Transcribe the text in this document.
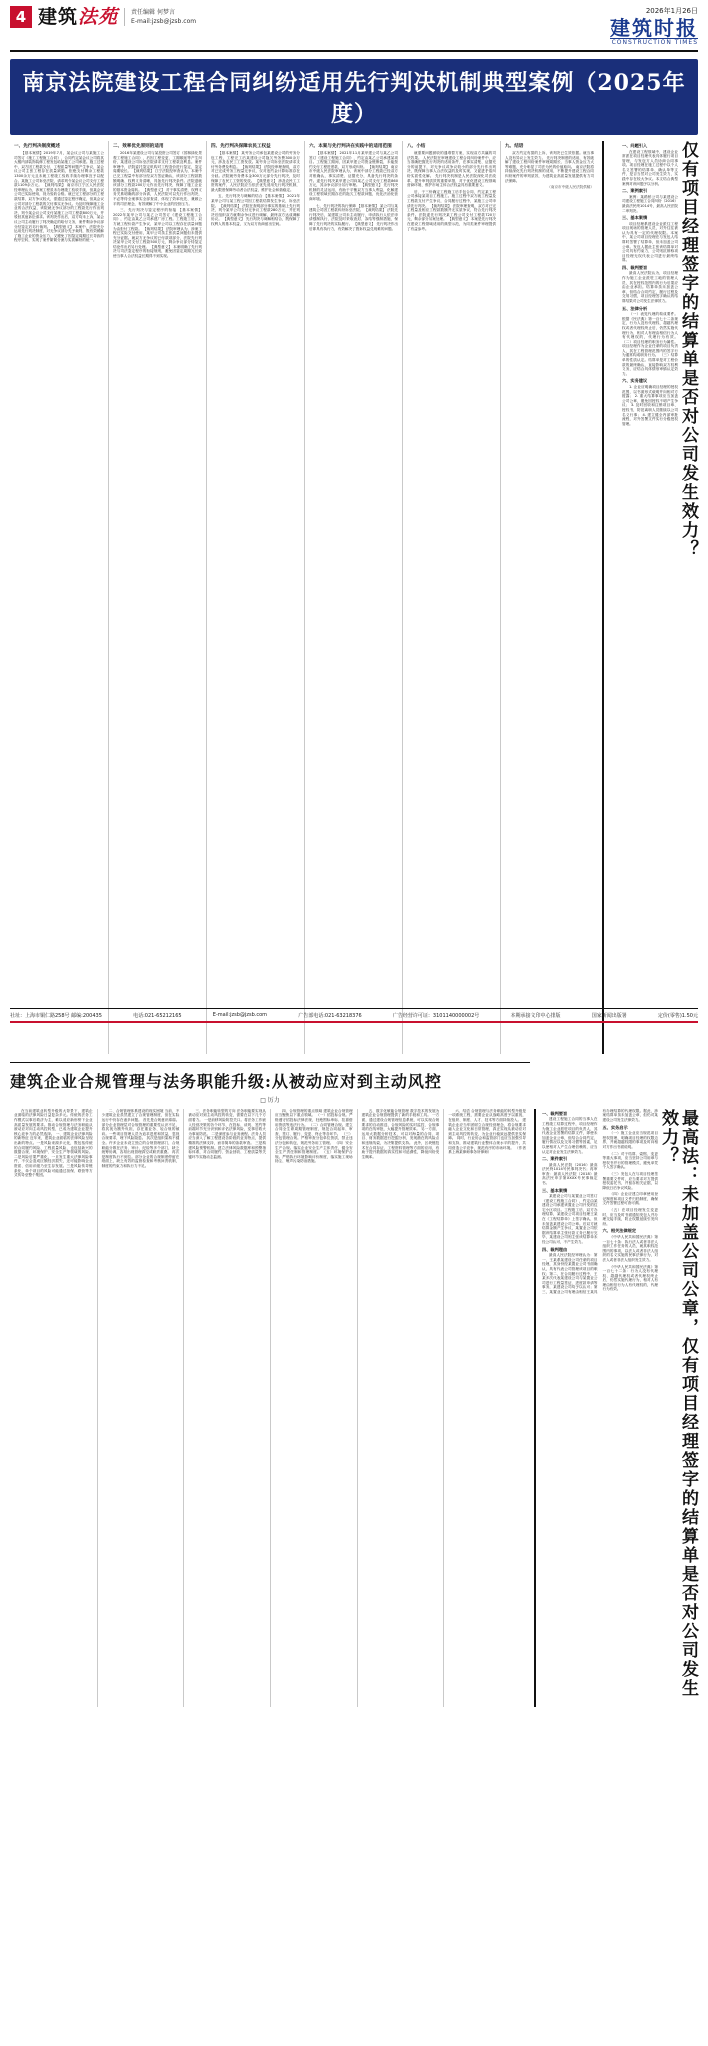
4 建筑法苑 责任编辑 何梦言
E-mail:jzsb@jzsb.com
2026年1月26日
建筑时报
CONSTRUCTION TIMES
南京法院建设工程合同纠纷适用先行判决机制典型案例（2025年度）
一、先行判决制度概述

【基本案情】2019年7月，某会议公司与某施工公司签订《施工工程施工合同》，合同约定某会议公司将其大楼内部装饰装修工程发包给某施工公司承建。施工过程中，双方因工程款支付、工程质量等问题产生争议，某会议公司主张工程存在质量缺陷，拒绝支付剩余工程款1300余万元且未就工程竣工验收手续办理事宜予以配合。某施工公司诉至法院，请求判令某会议公司支付工程款1109余万元。 【裁判结果】 南京市江宁区人民法院经审理认为，涉案工程虽未办理竣工验收手续，但某会议公司已实际使用，视为验收合格。就已完工程部分的工程款结算，双方争议较大，需通过鉴定程序确定，但某会议公司对部分工程款的欠付事实无争议。为及时保障施工企业的合法权益，该院就无争议部分的工程款先行作出判决，判令某会议公司支付某施工公司工程款800万元，并驳回其他诉讼请求。该判决作出后，双方均未上诉，某会议公司主动履行了判决确定的给付义务，案件剩余争议部分经鉴定后另行裁判。 【典型意义】 本案中，法院充分运用先行判决制度，对无争议部分先予裁判，既有效缓解了施工企业的资金压力，又避免了因鉴定周期过长导致的程序空转，实现了案件繁简分流与实质解纷的统一。

二、效率优先原则的适用

2016年某建设公司与某投资公司签订《园林绿化景观工程施工合同》，后因工程变更、工期顺延等产生纠纷，某建设公司诉至法院请求支付工程款及利息。案件审理中，法院委托鉴定机构对工程造价进行鉴定，鉴定周期较长。 【裁判结果】 江宁法院经审查认为，本案中已完工程量中有部分经双方签证确认，该部分工程款数额明确、权利义务清晰，具备先行判决条件。法院遂就该部分工程款200万元作出先行判决，保障了施工企业的基本资金周转。 【典型意义】 对于事实清楚、权利义务关系明确的部分诉请，人民法院可以先行作出判决，不必等待全案事实全部查清，体现了效率优先、兼顾公平的司法理念，有效缓解了中小企业的经营压力。

三、先行判决与鉴定程序的衔接 【基本案情】 2022年某甲公司与某乙公司签订《建设工程施工合同》，约定由某乙公司承建厂房工程。工程竣工后，双方就工程价款产生争议，某甲公司以工程存在质量问题为由拒付工程款。 【裁判结果】 法院审理认为，涉案工程已实际交付使用，某甲公司虽主张质量问题但未提供充分证据。就双方无争议的已付款项部分，法院先行判决某甲公司支付工程款500万元，剩余争议部分待鉴定结论作出后另行处理。 【典型意义】 本案明确了先行判决与司法鉴定程序的衔接规则，避免因鉴定周期冗长致使当事人合法权益长期得不到实现。

四、先行判决保障农民工权益

【基本案情】 某劳务公司承包某建设公司的劳务分包工程，工程完工后某建设公司拖欠劳务费300余万元，涉及农民工工资发放。某劳务公司诉至法院请求支付劳务费及利息。 【裁判结果】 法院经审理查明，双方对已完成劳务工程量无争议，仅对违约金计算标准存在分歧。法院就劳务费本金300万元部分先行判决，及时保障了农民工工资的发放。 【典型意义】 涉及农民工工资的案件，人民法院应当依法优先适用先行判决机制，最大限度保障劳动者合法权益，维护社会和谐稳定。

五、先行判决与调解的结合 【基本案情】 2021年某甲公司与某工程公司因工程款结算发生争议，诉至法院。 【裁判结果】 法院在查明部分事实的基础上先行判决，判令某甲公司支付无争议工程款280万元，并在判决后组织双方就剩余争议进行调解，最终双方达成调解协议。 【典型意义】 先行判决与调解相结合，既保障了权利人的基本权益，又为双方协商留出空间。

六、本案与先行判决在实践中的适用范围

【基本案情】 2021年11月某甲建公司与某乙公司签订《建设工程施工合同》，约定由某乙公司承建某项目。工程施工期间，因某甲建公司资金链断裂，未能按约支付工程进度款，双方形成纠纷。 【裁判结果】 南京市中级人民法院审理认为，该案中部分工程款已经双方对账确认，事实清楚、证据充分，具备先行判决的条件。遂先行判决某甲建公司向某乙公司支付工程款860万元，其余争议部分另行审理。 【典型意义】 先行判决机制的灵活运用，有助于平衡双方当事人利益，化解建设工程领域长期存在的拖欠工程款问题，优化法治化营商环境。

七、先行判决的执行保障 【基本案情】 某公司与某建筑公司因工程款纠纷诉至法院。 【裁判结果】 法院先行判决后，某建筑公司未主动履行，申请执行人依法申请强制执行，法院及时采取查封、冻结等强制措施，保障了先行判决的实际履行。 【典型意义】 先行判决作出后即具有执行力，有效解决了胜诉权益兑现难的问题。

八、小结

就需要问题被收的通堆替方案，实现双方共赢的司法效果。 人民法院在审理建设工程合同纠纷案件中，应当准确把握先行判决的适用条件，在事实清楚、证据充分的前提下，对无争议或争议较小的部分先行作出判决，既保障当事人合法权益的及时实现，又促进矛盾纠纷实质性化解。 先行判决机制是人民法院深化司法改革、提升审判质效的重要举措，对于优化建设工程领域营商环境、维护市场主体合法权益具有重要意义。

后，于三份确定工程施工后手包合同，约定某工程公司承接某项目工程施工。施工过程中双方就工程量及工程款支付产生争议，合同履行过程中，某施工公司申请先行判决。 【裁判结果】 法院审理查明，双方对已完工程量及相应工程款数额并无实质争议，符合先行判决条件。法院遂先行判决某工程公司支付工程款720万元，剩余部分另案处理。 【典型意义】 本案是先行判决在建设工程领域适用的典型示范，为同类案件审理提供了有益参考。

九、结语

双方约定有损的上诉，该判决已生效依据。就当事人没有异议上发生效力。 先行判决制度的适用，有效破解了建设工程纠纷案件审理周期长、当事人资金压力大等难题，充分彰显了司法为民的价值取向。 南京法院将持续深化先行判决机制的适用，不断提升建设工程合同纠纷案件的审判质效，为建筑业高质量发展提供有力司法保障。

（南京市中级人民法院供稿）	仅有项目经理签字的结算单是否对公司发生效力？
一、问题引入

在建设工程领域中，建设企业常派在项目经理代表具体履行项目管理，与发包方人员协商合同事项。项目经理在施工过程中以个人名义签署的结算单、确认单等文件，是否当然对公司发生效力，实践中存在较大争议。本文结合典型案例对该问题予以分析。

二、案例索引

案例：某路桥公司与某建设公司建设工程施工合同纠纷（2016）最高法民终1014号，最高人民法院二审判决。

三、基本案情

项目经理系建设企业派往工程项目现场的管理人员，对外往往被认为具有一定的代理权限。本案中，某公司项目经理在与发包人结算时签署了结算单，但未加盖公司公章。发包人据此主张该结算单对公司具有约束力，公司则抗辩称项目经理无权代表公司进行最终结算。

四、裁判要旨

最高人民法院认为，项目经理作为施工企业派驻工地的管理人员，其在授权范围内的行为后果应由企业承担。结算单虽未加盖公章，但结合合同约定、履行过程及交易习惯，项目经理签字确认的结算结果对公司发生法律效力。

五、法律分析

（一）表见代理的构成要件。根据《民法典》第一百七十二条规定，行为人没有代理权、超越代理权或者代理权终止后，仍然实施代理行为，相对人有理由相信行为人有代理权的，代理行为有效。 （二）项目经理的职务行为属性。项目经理作为企业任命的项目负责人，其在工程管理范围内的签字行为通常构成职务行为。 （三）结算单的性质认定。结算单是对工程价款的最终确认，直接影响双方权利义务，应结合具体情形审慎认定效力。

六、实务建议

1. 企业应明确项目经理的授权范围，以书面形式载明并向相对方披露； 2. 重大结算事项应当加盖公司公章，避免因授权不明产生争议； 3. 及时回收和注销项目章、授权书，防范离职人员继续以公司名义行事； 4. 建立健全内部审批流程，对外签署文件实行分级授权管理。

建筑企业合规管理与法务职能升级:从被动应对到主动风控
□ 厉力

在当前建筑业转型升级的大背景下，建筑企业面临的法律风险日益复杂多元。传统的法务工作模式以事后救济为主，难以适应新形势下企业高质量发展的要求。推动合规管理与法务职能从被动应对向主动风控转型，已成为建筑企业提升核心竞争力的必然选择。 一、建筑企业法律风险的新特征 近年来，建筑企业面临的法律风险呈现出新的特点。一是风险来源多元化，既包括传统的合同履约风险、工程质量风险，也包括新兴的数据合规、环境保护、安全生产等领域的风险。二是风险后果严重化，一旦发生重大法律风险事件，不仅会造成巨额经济损失，还可能影响企业资质、信用评级乃至生存发展。三是风险传导链条化，单个项目的风险可能通过担保、联营等方式传导至整个集团。

二、合规管理体系建设的现实困境 当前，不少建筑企业虽然建立了合规管理制度，但在实际运行中仍存在诸多问题。 首先是合规意识薄弱。部分企业管理层对合规管理的重要性认识不足，将其视为额外负担，存在重业务、轻合规的倾向。一些项目管理人员为追求进度和效益，忽视合规要求，埋下风险隐患。 其次是组织架构不健全。许多企业未设立独立的合规管理部门，合规职能分散在法务、审计、纪检等多个部门，缺乏统筹协调，容易出现管理真空或职责重叠。 再次是制度执行不到位。部分企业的合规制度停留在纸面上，缺乏有效的监督检查和考核问责机制，制度的约束力和执行力不足。

三、法务职能转型的方向 法务职能要实现从被动应对到主动风控的转变，需要在以下几个方面着力。 一是前移风险防控关口。将法务工作嵌入经营决策的各个环节，在投标、谈判、签约等前端环节充分识别和评估法律风险，变事后救火为事前防范。 二是深度参与业务流程。法务人员应当深入了解工程建设各阶段的业务特点，提供精准的法律支持，而非简单的条款审查。 三是构建风险预警机制。建立法律风险数据库和预警指标体系，对合同履约、资金回收、工程质量等关键环节实施动态监测。

四、合规管理的重点领域 建筑企业合规管理应当聚焦以下重点领域。 （一）招投标合规。严格遵守招投标法律法规，杜绝围标串标、挂靠借用资质等违法行为。 （二）合同管理合规。建立合同全生命周期管理制度，规范合同起草、审查、签订、履行、变更、终止等各环节。 （三）分包管理合规。严格审查分包单位资质，禁止违法分包和转包，规范劳务用工管理。 （四）安全生产合规。落实企业安全生产主体责任，健全安全生产责任制和管理制度。 （五）环境保护合规。严格执行环境影响评价制度，落实施工现场扬尘、噪声污染防治措施。

五、数字化赋能合规管理 数字技术的发展为建筑企业合规管理提供了新的手段和工具。 一方面，通过建设合规管理信息系统，可以实现合规要求的自动推送、合规风险的实时监控、合规事项的在线审批，大幅提升管理效率。 另一方面，运用大数据分析技术，可以对海量的合同、项目、财务数据进行挖掘分析，发现潜在的风险点和违规线索，为决策提供支持。 此外，区块链技术在合同存证、工程资料管理等方面的应用，有助于提升数据的真实性和可追溯性，降低纠纷发生概率。

六、结语 合规管理与法务职能的转型升级是一项系统工程，需要企业从战略高度予以重视，在组织、制度、人才、技术等方面持续投入。 建筑企业应当牢固树立合规经营理念，将合规要求融入企业文化和日常管理，真正实现从被动应对到主动风控的转变，为企业行稳致远提供坚实保障。 同时，行业协会和监管部门也应当加强引导和支持，推动建筑行业整体合规水平的提升，共同营造公平竞争、规范有序的市场环境。 （作者系上海某律师事务所律师）	最高法：未加盖公司公章，仅有项目经理签字的结算单是否对公司发生效力？
一、裁判要旨

建设工程施工合同的当事人在工程竣工结算过程中，项目经理作为施工企业派驻项目的负责人，其代表企业签署的结算文件，即使未加盖企业公章，但结合合同约定、履行情况以及交易习惯等因素，足以使相对人产生合理信赖的，应当认定对企业发生法律效力。

二、案件索引

最高人民法院（2016）最高法民终1014号民事判决书；再审审查：最高人民法院（2018）最高法民申字第XXXX号民事裁定书。

三、基本案情

某建设公司与某置业公司签订《建设工程施工合同》，约定由某建设公司承建该置业公司开发的住宅小区项目。工程竣工后，双方办理结算，某建设公司项目经理王某在《工程结算单》上签字确认，但未加盖某建设公司公章。后双方就结算金额产生争议，某置业公司依据该结算单主张付款义务已履行完毕，某建设公司则主张该结算单未经公司认可，不产生效力。

四、裁判理由

最高人民法院经审理认为：第一，王某系某建设公司任命的项目经理，其身份经某置业公司书面确认，具有代表公司管理该项目的职权；第二，在合同履行过程中，王某多次代表某建设公司与某置业公司进行工程量签证、进度款申请等事务，某建设公司均予以认可；第三，某置业公司有理由相信王某具有办理结算的代理权限。据此，涉案结算单虽未加盖公章，但仍对某建设公司发生法律效力。

五、实务启示

（一）施工企业应当规范项目授权管理，明确项目经理的权限边界，并就超越权限的事项及时向相对方作出书面说明。

（二）对于结算、索赔、变更等重大事项，应当坚持公司用章与授权书并行的管理模式，避免单凭个人签字确认。

（三）发包人在与项目经理签署重要文件时，应当要求对方提供授权委托书，并留存相关证据，以降低日后争议风险。

（四）企业应建立印章使用登记制度和项目文件归档制度，确保文件签署过程可查可溯。

（五）在项目经理发生变更时，应当及时书面通知发包人并办理交接手续，防止权限延续引发纠纷。

六、相关法律规定

《中华人民共和国民法典》第一百七十条：执行法人或者非法人组织工作任务的人员，就其职权范围内的事项，以法人或者非法人组织的名义实施的民事法律行为，对法人或者非法人组织发生效力。

《中华人民共和国民法典》第一百七十二条：行为人没有代理权、超越代理权或者代理权终止后，仍然实施代理行为，相对人有理由相信行为人有代理权的，代理行为有效。

社址：上海市铜仁路258号 邮编:200435	电话:021-65212165	E-mail:jzsb@jzsb.com	广告部电话:021-63218376	广告经营许可证：3101140000002号	本期承接文印中心排版	国家新闻出版署	定价(零售)1.50元
